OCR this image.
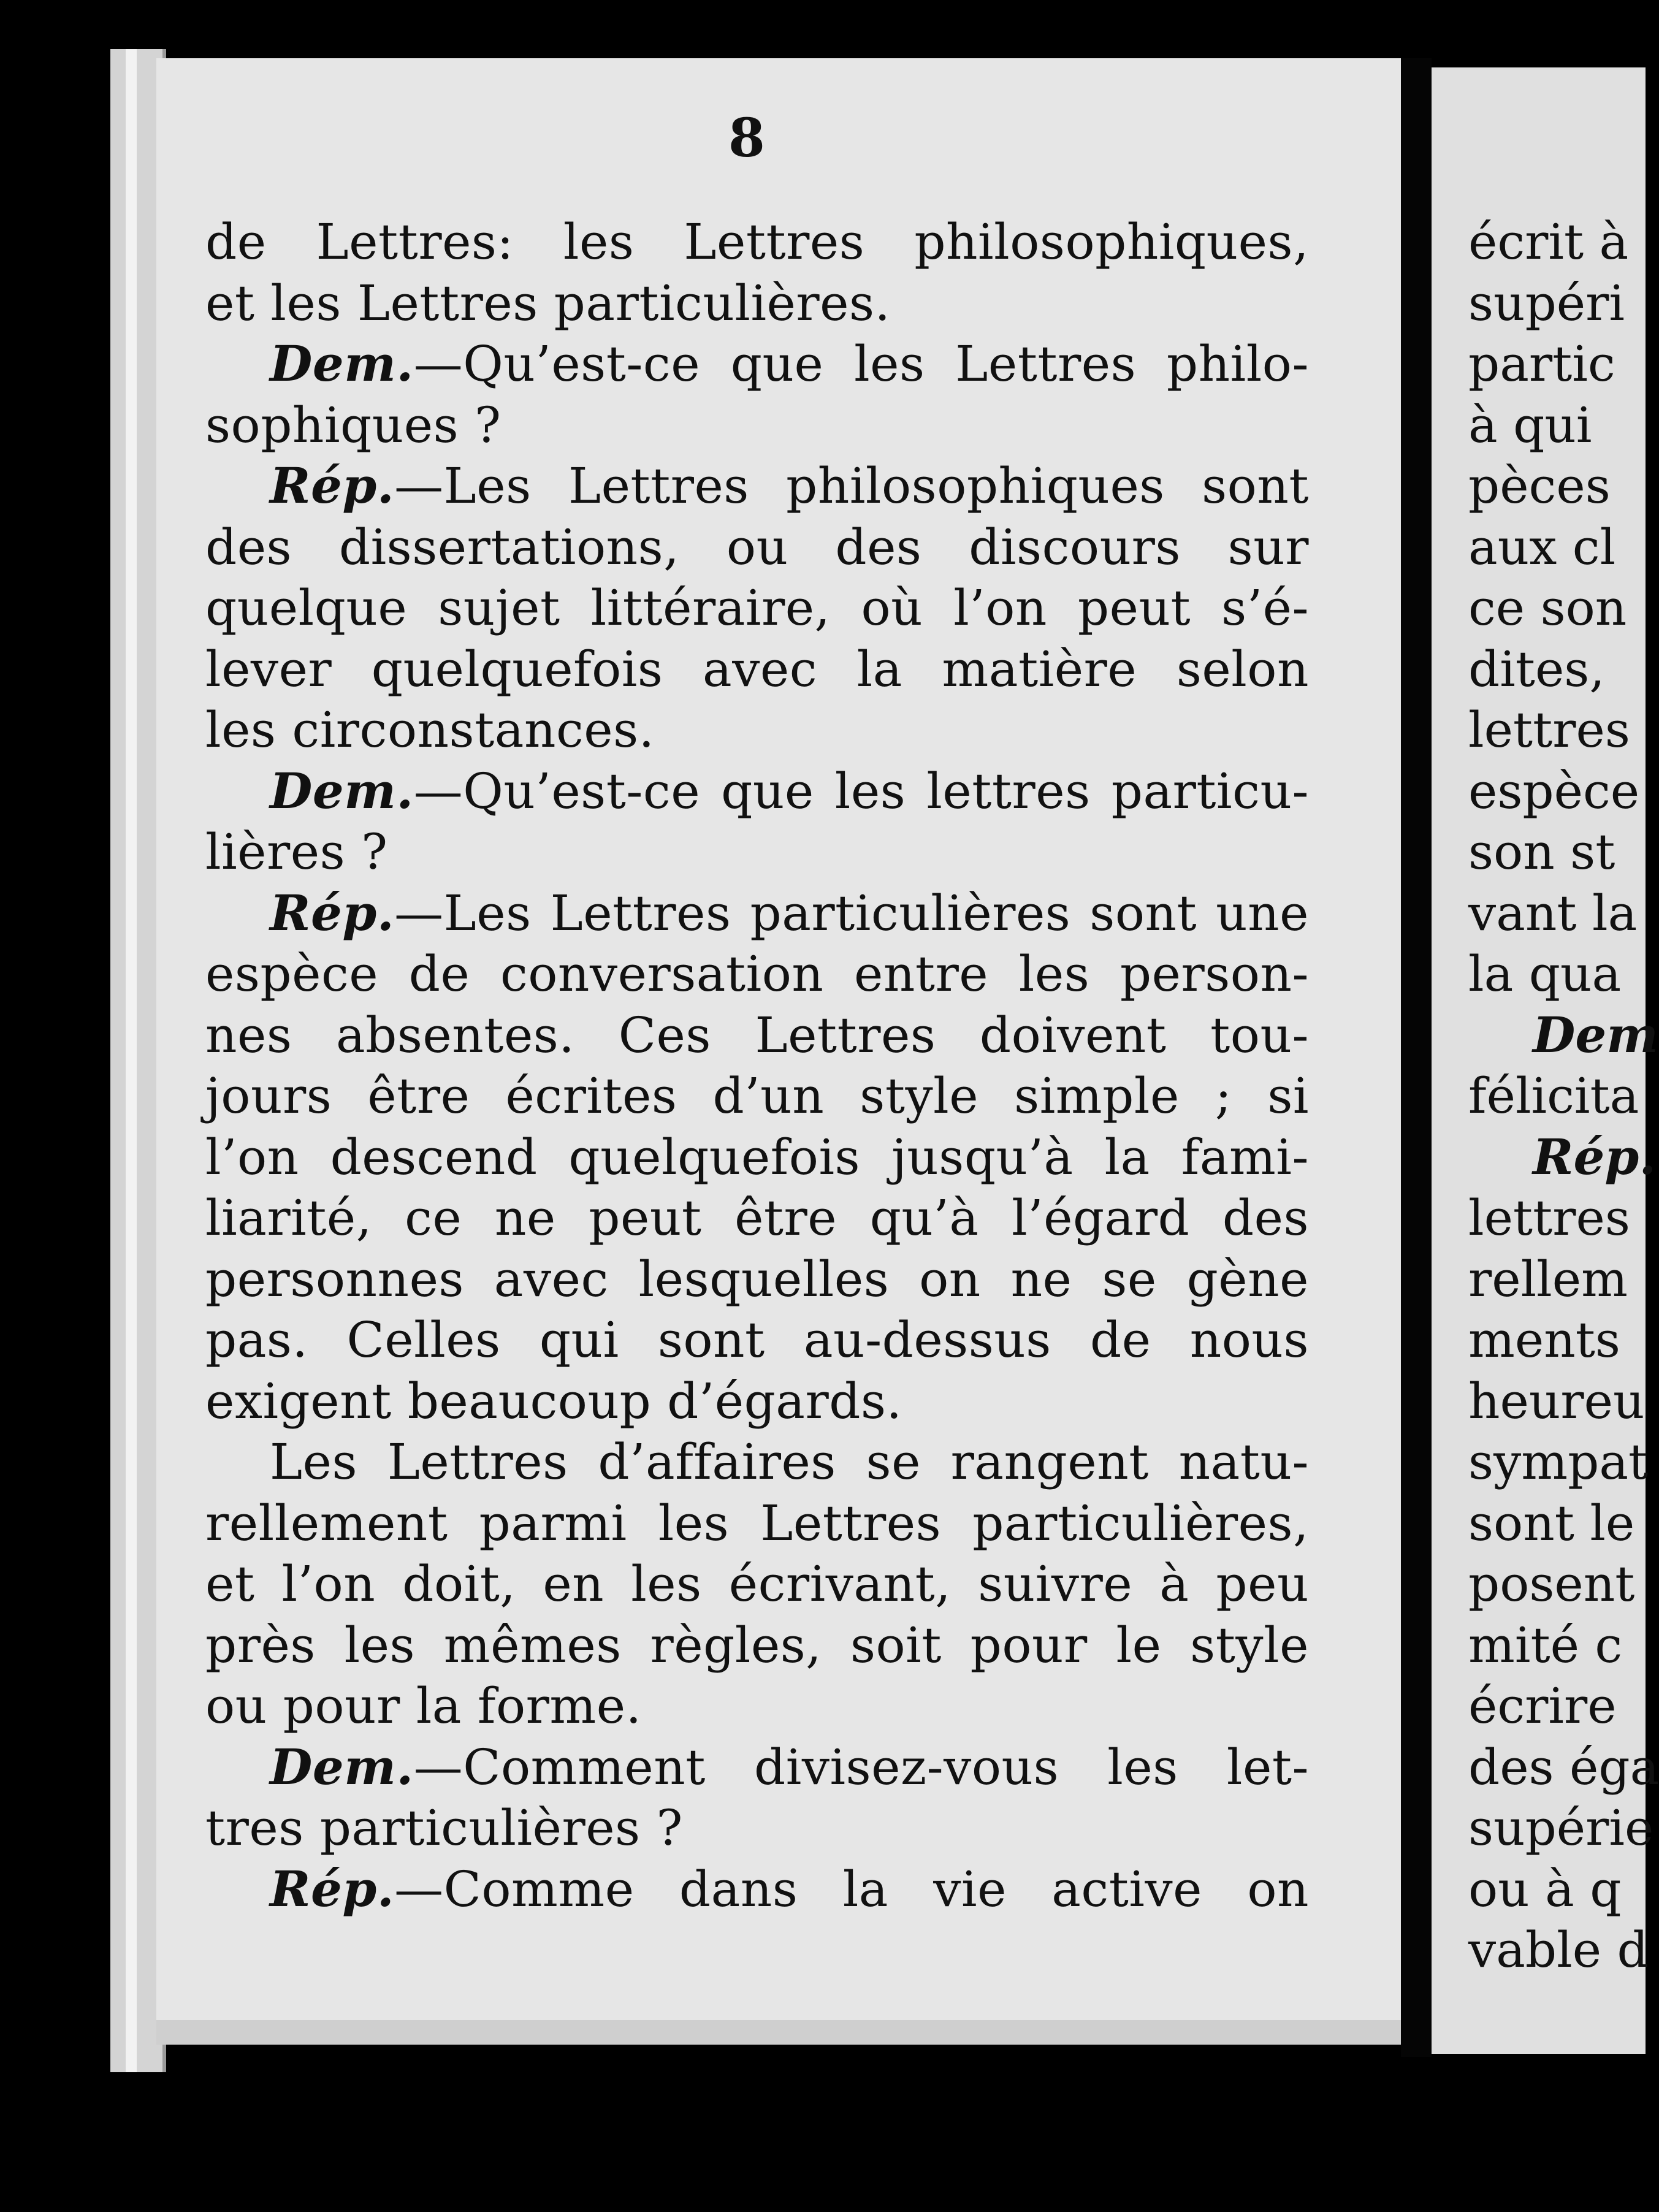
8
de Lettres: les Lettres philosophiques,
et les Lettres particulières.
Dem.—Qu’est-ce que les Lettres philo-
sophiques ?
Rép.—Les Lettres philosophiques sont
des dissertations, ou des discours sur
quelque sujet littéraire, où l’on peut s’é-
lever quelquefois avec la matière selon
les circonstances.
Dem.—Qu’est-ce que les lettres particu-
lières ?
Rép.—Les Lettres particulières sont une
espèce de conversation entre les person-
nes absentes. Ces Lettres doivent tou-
jours être écrites d’un style simple ; si
l’on descend quelquefois jusqu’à la fami-
liarité, ce ne peut être qu’à l’égard des
personnes avec lesquelles on ne se gène
pas. Celles qui sont au-dessus de nous
exigent beaucoup d’égards.
Les Lettres d’affaires se rangent natu-
rellement parmi les Lettres particulières,
et l’on doit, en les écrivant, suivre à peu
près les mêmes règles, soit pour le style
ou pour la forme.
Dem.—Comment divisez-vous les let-
tres particulières ?
Rép.—Comme dans la vie active on
écrit à
supéri
partic
à qui
pèces
aux cl
ce son
dites,
lettres
espèce
son st
vant la
la qua
Dem
félicita
Rép.
lettres
rellem
ments
heureu
sympat
sont le
posent
mité c
écrire
des éga
supérie
ou à q
vable d
